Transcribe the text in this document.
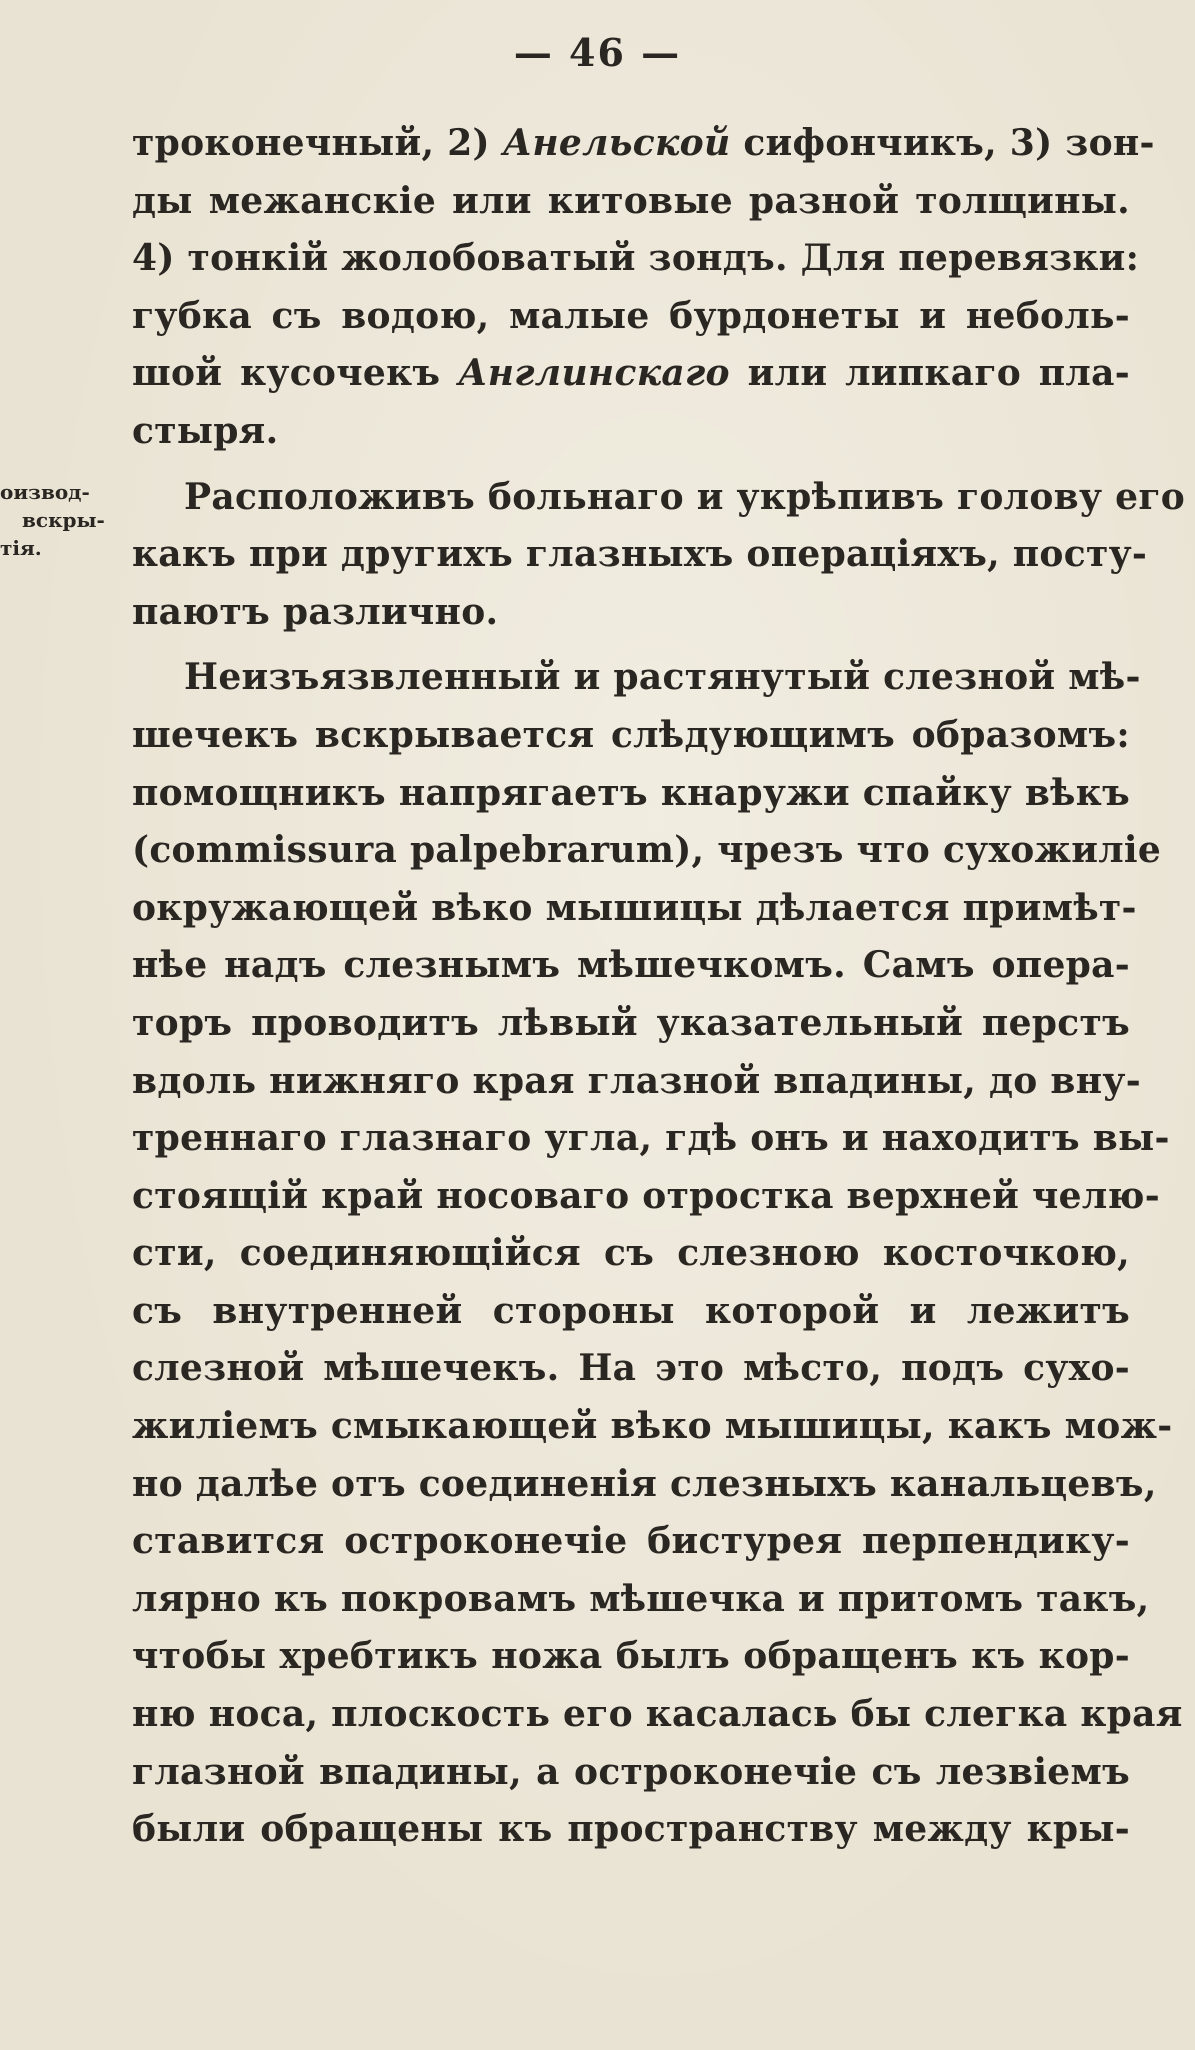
— 46 —
оизвод-
вскры-
тія.
троконечный, 2) Анельской сифончикъ, 3) зон-
ды межанскіе или китовые разной толщины.
4) тонкій жолобоватый зондъ. Для перевязки:
губка съ водою, малые бурдонеты и неболь-
шой кусочекъ Англинскаго или липкаго пла-
стыря.
Расположивъ больнаго и укрѣпивъ голову его
какъ при другихъ глазныхъ операціяхъ, посту-
паютъ различно.
Неизъязвленный и растянутый слезной мѣ-
шечекъ вскрывается слѣдующимъ образомъ:
помощникъ напрягаетъ кнаружи спайку вѣкъ
(commissura palpebrarum), чрезъ что сухожиліе
окружающей вѣко мышицы дѣлается примѣт-
нѣе надъ слезнымъ мѣшечкомъ. Самъ опера-
торъ проводитъ лѣвый указательный перстъ
вдоль нижняго края глазной впадины, до вну-
треннаго глазнаго угла, гдѣ онъ и находитъ вы-
стоящій край носоваго отростка верхней челю-
сти, соединяющійся съ слезною косточкою,
съ внутренней стороны которой и лежитъ
слезной мѣшечекъ. На это мѣсто, подъ сухо-
жиліемъ смыкающей вѣко мышицы, какъ мож-
но далѣе отъ соединенія слезныхъ канальцевъ,
ставится остроконечіе бистурея перпендику-
лярно къ покровамъ мѣшечка и притомъ такъ,
чтобы хребтикъ ножа былъ обращенъ къ кор-
ню носа, плоскость его касалась бы слегка края
глазной впадины, а остроконечіе съ лезвіемъ
были обращены къ пространству между кры-
